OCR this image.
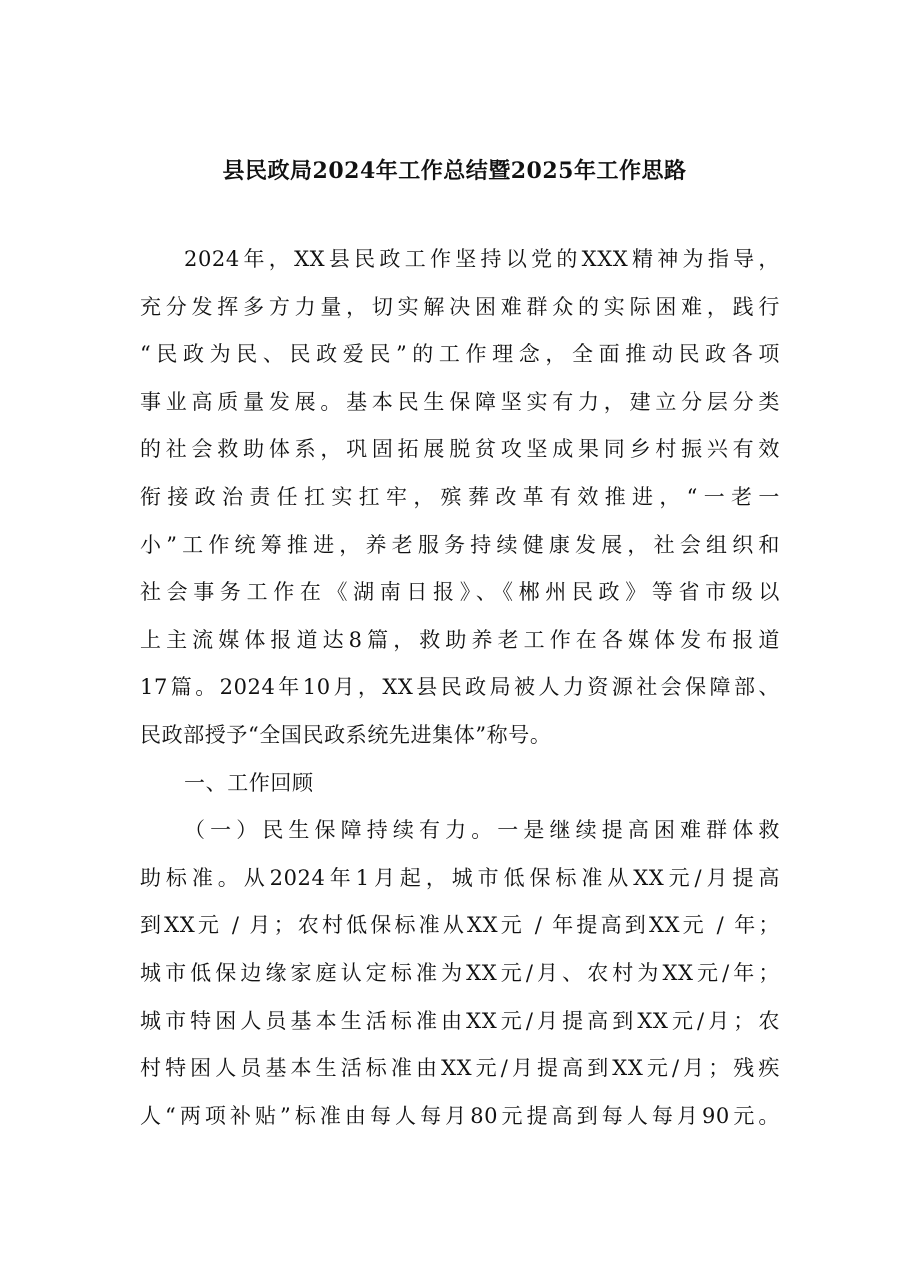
县民政局2024年工作总结暨2025年工作思路

2024年，XX县民政工作坚持以党的XXX精神为指导，
充分发挥多方力量，切实解决困难群众的实际困难，践行
“民政为民、民政爱民”的工作理念，全面推动民政各项
事业高质量发展。基本民生保障坚实有力，建立分层分类
的社会救助体系，巩固拓展脱贫攻坚成果同乡村振兴有效
衔接政治责任扛实扛牢，殡葬改革有效推进，“一老一
小”工作统筹推进，养老服务持续健康发展，社会组织和
社会事务工作在《湖南日报》、《郴州民政》等省市级以
上主流媒体报道达8篇，救助养老工作在各媒体发布报道
17篇。2024年10月，XX县民政局被人力资源社会保障部、
民政部授予“全国民政系统先进集体”称号。

一、工作回顾

（一）民生保障持续有力。一是继续提高困难群体救
助标准。从2024年1月起，城市低保标准从XX元/月提高
到XX元 / 月；农村低保标准从XX元 / 年提高到XX元 / 年；
城市低保边缘家庭认定标准为XX元/月、农村为XX元/年；
城市特困人员基本生活标准由XX元/月提高到XX元/月；农
村特困人员基本生活标准由XX元/月提高到XX元/月；残疾
人“两项补贴”标准由每人每月80元提高到每人每月90元。
